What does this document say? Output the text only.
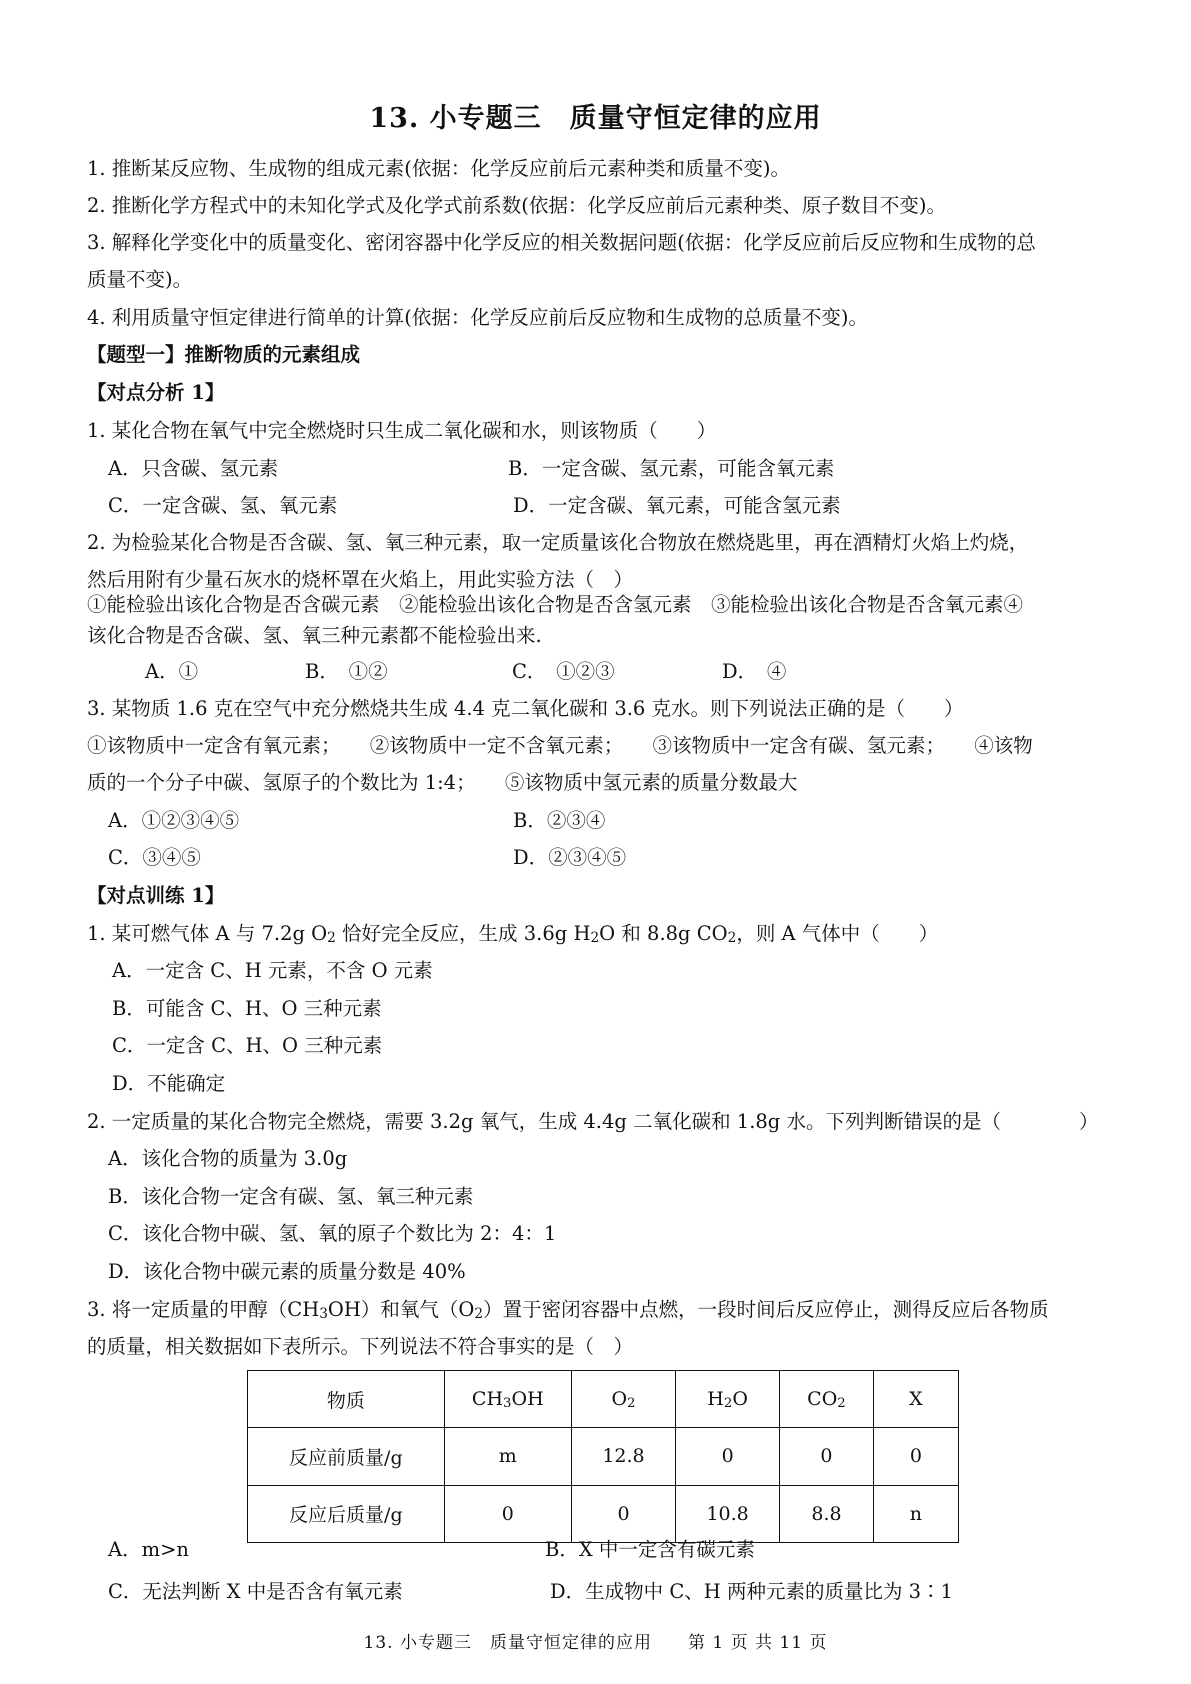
13. 小专题三　质量守恒定律的应用
1. 推断某反应物、生成物的组成元素(依据：化学反应前后元素种类和质量不变)。
2. 推断化学方程式中的未知化学式及化学式前系数(依据：化学反应前后元素种类、原子数目不变)。
3. 解释化学变化中的质量变化、密闭容器中化学反应的相关数据问题(依据：化学反应前后反应物和生成物的总
质量不变)。
4. 利用质量守恒定律进行简单的计算(依据：化学反应前后反应物和生成物的总质量不变)。
【题型一】推断物质的元素组成
【对点分析 1】
1. 某化合物在氧气中完全燃烧时只生成二氧化碳和水，则该物质（　　）
A．只含碳、氢元素	B．一定含碳、氢元素，可能含氧元素
C．一定含碳、氢、氧元素	D．一定含碳、氧元素，可能含氢元素
2. 为检验某化合物是否含碳、氢、氧三种元素，取一定质量该化合物放在燃烧匙里，再在酒精灯火焰上灼烧，
然后用附有少量石灰水的烧杯罩在火焰上，用此实验方法（　）
①能检验出该化合物是否含碳元素　②能检验出该化合物是否含氢元素　③能检验出该化合物是否含氧元素④
该化合物是否含碳、氢、氧三种元素都不能检验出来.
A．①	B．　①②	C．　①②③	D．　④
3. 某物质 1.6 克在空气中充分燃烧共生成 4.4 克二氧化碳和 3.6 克水。则下列说法正确的是（　　）
①该物质中一定含有氧元素；　　②该物质中一定不含氧元素；　　③该物质中一定含有碳、氢元素；　　④该物
质的一个分子中碳、氢原子的个数比为 1:4；　　⑤该物质中氢元素的质量分数最大
A．①②③④⑤	B．②③④
C．③④⑤	D．②③④⑤
【对点训练 1】
1. 某可燃气体 A 与 7.2g $O_2$ 恰好完全反应，生成 3.6g $H_2O$ 和 8.8g $CO_2$，则 A 气体中（　　）
A．一定含 C、H 元素，不含 O 元素
B．可能含 C、H、O 三种元素
C．一定含 C、H、O 三种元素
D．不能确定
2. 一定质量的某化合物完全燃烧，需要 3.2g 氧气，生成 4.4g 二氧化碳和 1.8g 水。下列判断错误的是（　　　　）
A．该化合物的质量为 3.0g
B．该化合物一定含有碳、氢、氧三种元素
C．该化合物中碳、氢、氧的原子个数比为 2：4：1
D．该化合物中碳元素的质量分数是 40%
3. 将一定质量的甲醇$(CH_3OH)$和氧气$(O_2)$置于密闭容器中点燃，一段时间后反应停止，测得反应后各物质
的质量，相关数据如下表所示。下列说法不符合事实的是（　）
物质	$CH_3OH$	$O_2$	$H_2O$	$CO_2$	X
反应前质量/g	m	12.8	0	0	0
反应后质量/g	0	0	10.8	8.8	n
A．m>n	B．X 中一定含有碳元素
13. 小专题三　质量守恒定律的应用　　第 1 页 共 11 页
C．无法判断 X 中是否含有氧元素	D．生成物中 C、H 两种元素的质量比为 3∶1
